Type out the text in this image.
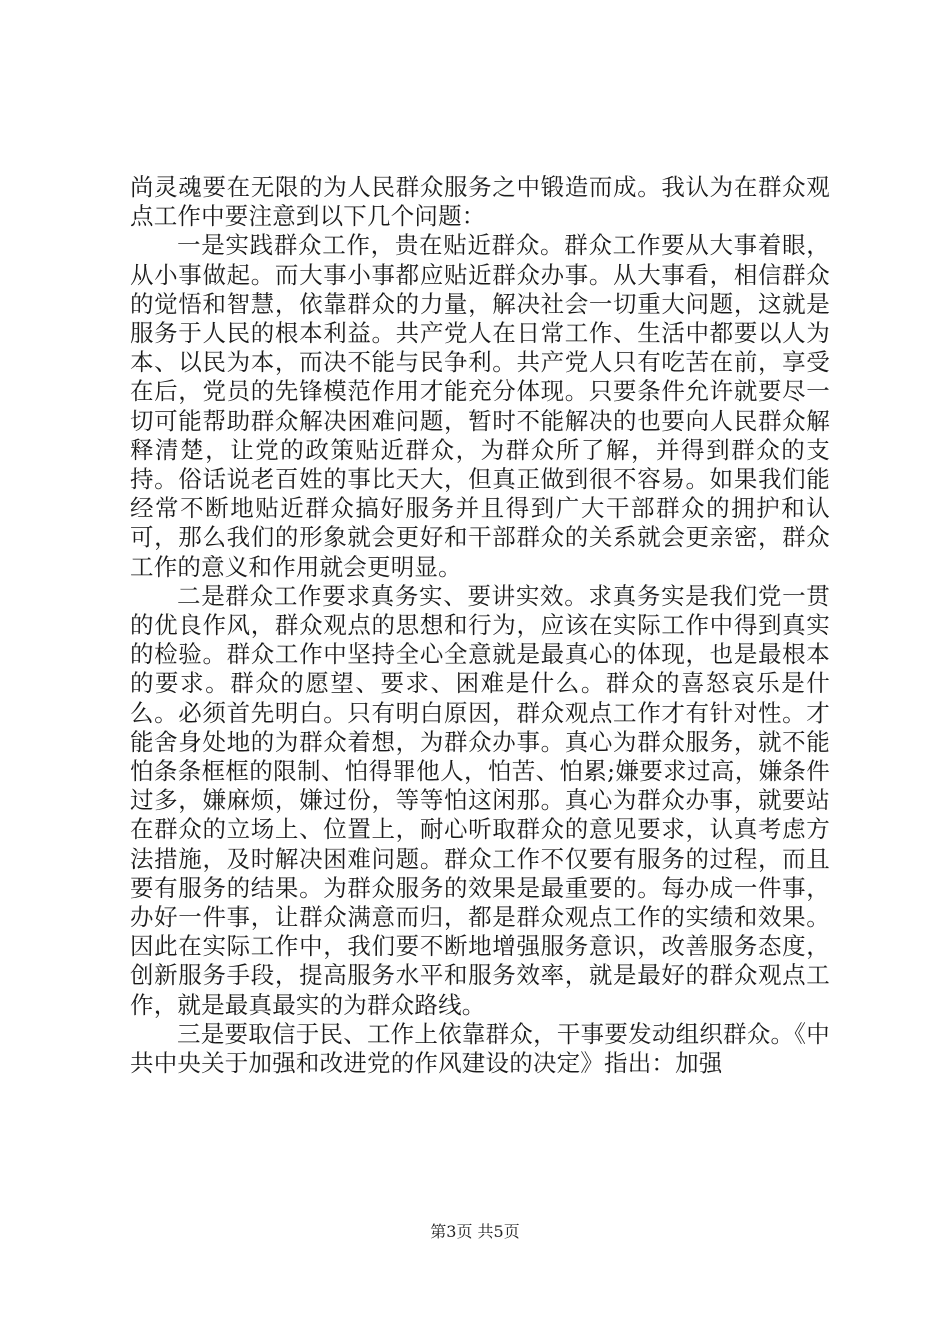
尚灵魂要在无限的为人民群众服务之中锻造而成。我认为在群众观点工作中要注意到以下几个问题：

一是实践群众工作，贵在贴近群众。群众工作要从大事着眼，从小事做起。而大事小事都应贴近群众办事。从大事看，相信群众的觉悟和智慧，依靠群众的力量，解决社会一切重大问题，这就是服务于人民的根本利益。共产党人在日常工作、生活中都要以人为本、以民为本，而决不能与民争利。共产党人只有吃苦在前，享受在后，党员的先锋模范作用才能充分体现。只要条件允许就要尽一切可能帮助群众解决困难问题，暂时不能解决的也要向人民群众解释清楚，让党的政策贴近群众，为群众所了解，并得到群众的支持。俗话说老百姓的事比天大，但真正做到很不容易。如果我们能经常不断地贴近群众搞好服务并且得到广大干部群众的拥护和认可，那么我们的形象就会更好和干部群众的关系就会更亲密，群众工作的意义和作用就会更明显。

二是群众工作要求真务实、要讲实效。求真务实是我们党一贯的优良作风，群众观点的思想和行为，应该在实际工作中得到真实的检验。群众工作中坚持全心全意就是最真心的体现，也是最根本的要求。群众的愿望、要求、困难是什么。群众的喜怒哀乐是什么。必须首先明白。只有明白原因，群众观点工作才有针对性。才能舍身处地的为群众着想，为群众办事。真心为群众服务，就不能怕条条框框的限制、怕得罪他人，怕苦、怕累;嫌要求过高，嫌条件过多，嫌麻烦，嫌过份，等等怕这闲那。真心为群众办事，就要站在群众的立场上、位置上，耐心听取群众的意见要求，认真考虑方法措施，及时解决困难问题。群众工作不仅要有服务的过程，而且要有服务的结果。为群众服务的效果是最重要的。每办成一件事，办好一件事，让群众满意而归，都是群众观点工作的实绩和效果。因此在实际工作中，我们要不断地增强服务意识，改善服务态度，创新服务手段，提高服务水平和服务效率，就是最好的群众观点工作，就是最真最实的为群众路线。

三是要取信于民、工作上依靠群众，干事要发动组织群众。《中共中央关于加强和改进党的作风建设的决定》指出：加强

第3页 共5页
